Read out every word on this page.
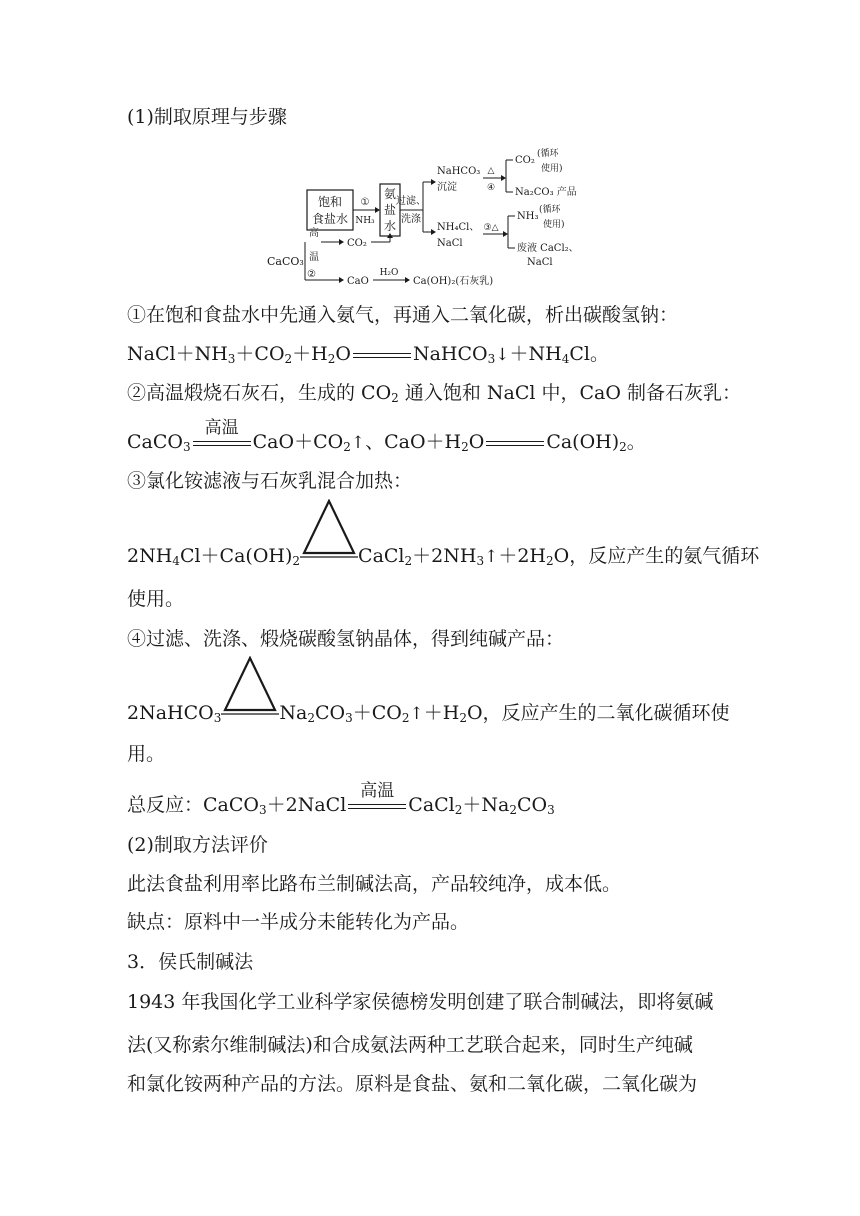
(1)制取原理与步骤
饱和
食盐水
①
NH₃
氨
盐
水
过滤、
洗涤
NaHCO₃
沉淀
△
④
CO₂
(循环
使用)
Na₂CO₃ 产品
NH₄Cl、
NaCl
③△
NH₃
(循环
使用)
废液 CaCl₂、
NaCl
CaCO₃
高
温
②
CO₂
CaO
H₂O
Ca(OH)₂(石灰乳)
①在饱和食盐水中先通入氨气，再通入二氧化碳，析出碳酸氢钠：
$NaCl+NH_3+CO_2+H_2O$	$NaHCO_3↓+NH_4Cl$。
②高温煅烧石灰石，生成的 $CO_2$ 通入饱和 NaCl 中，CaO 制备石灰乳：
CaCO$_3$
高温
$CaO+CO_2↑$、$CaO+H_2O$	$Ca(OH)_2$。
③氯化铵滤液与石灰乳混合加热：
$2NH_4Cl+Ca(OH)_2$	$CaCl_2+2NH_3↑+2H_2O$，反应产生的氨气循环
使用。
④过滤、洗涤、煅烧碳酸氢钠晶体，得到纯碱产品：
2NaHCO$_3$	$Na_2CO_3+CO_2↑+H_2O$，反应产生的二氧化碳循环使
用。
总反应：CaCO$_3$＋2NaCl
高温
$CaCl_2+Na_2CO_3$
(2)制取方法评价
此法食盐利用率比路布兰制碱法高，产品较纯净，成本低。
缺点：原料中一半成分未能转化为产品。
3．侯氏制碱法
1943 年我国化学工业科学家侯德榜发明创建了联合制碱法，即将氨碱
法(又称索尔维制碱法)和合成氨法两种工艺联合起来，同时生产纯碱
和氯化铵两种产品的方法。原料是食盐、氨和二氧化碳，二氧化碳为
